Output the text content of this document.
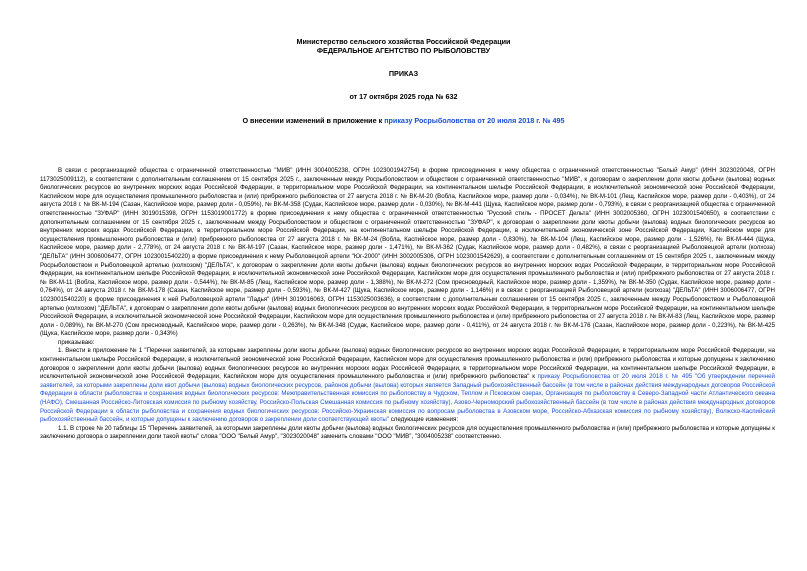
Министерство сельского хозяйства Российской Федерации
ФЕДЕРАЛЬНОЕ АГЕНТСТВО ПО РЫБОЛОВСТВУ
ПРИКАЗ
от 17 октября 2025 года № 632
О внесении изменений в приложение к приказу Росрыболовства от 20 июля 2018 г. № 495

В связи с реорганизацией общества с ограниченной ответственностью "МИВ" (ИНН 3004005238, ОГРН 1023001942754) в форме присоединения к нему общества с ограниченной ответственностью "Белый Амур" (ИНН 3023020048, ОГРН 1173025009112), в соответствии с дополнительным соглашением от 15 сентября 2025 г., заключенным между Росрыболовством и обществом с ограниченной ответственностью "МИВ", к договорам о закреплении доли квоты добычи (вылова) водных биологических ресурсов во внутренних морских водах Российской Федерации, в территориальном море Российской Федерации, на континентальном шельфе Российской Федерации, в исключительной экономической зоне Российской Федерации, Каспийском море для осуществления промышленного рыболовства и (или) прибрежного рыболовства от 27 августа 2018 г. № ВК-М-20 (Вобла, Каспийское море, размер доли - 0,034%), № ВК-М-101 (Лещ, Каспийское море, размер доли - 0,403%), от 24 августа 2018 г. № ВК-М-194 (Сазан, Каспийское море, размер доли - 0,059%), № ВК-М-358 (Судак, Каспийское море, размер доли - 0,030%), № ВК-М-441 (Щука, Каспийское море, размер доли - 0,793%), в связи с реорганизацией общества с ограниченной ответственностью "ЗУФАР" (ИНН 3019015398, ОГРН 1153019001772) в форме присоединения к нему общества с ограниченной ответственностью "Русский стиль - ПРОСЕТ Дельта" (ИНН 3002005360, ОГРН 1023001540650), в соответствии с дополнительным соглашением от 15 сентября 2025 г., заключенным между Росрыболовством и обществом с ограниченной ответственностью "ЗУФАР", к договорам о закреплении доли квоты добычи (вылова) водных биологических ресурсов во внутренних морских водах Российской Федерации, в территориальном море Российской Федерации, на континентальном шельфе Российской Федерации, в исключительной экономической зоне Российской Федерации, Каспийском море для осуществления промышленного рыболовства и (или) прибрежного рыболовства от 27 августа 2018 г. № ВК-М-24 (Вобла, Каспийское море, размер доли - 0,830%), № ВК-М-104 (Лещ, Каспийское море, размер доли - 1,526%), № ВК-М-444 (Щука, Каспийское море, размер доли - 2,778%), от 24 августа 2018 г. № ВК-М-197 (Сазан, Каспийское море, размер доли - 1,471%), № ВК-М-362 (Судак, Каспийское море, размер доли - 0,482%), в связи с реорганизацией Рыболовецкой артели (колхоза) "ДЕЛЬТА" (ИНН 3006006477, ОГРН 1023001540220) в форме присоединения к нему Рыболовецкой артели "Юг-2000" (ИНН 3002005306, ОГРН 1023001542629), в соответствии с дополнительным соглашением от 15 сентября 2025 г., заключенным между Росрыболовством и Рыболовецкой артелью (колхозом) "ДЕЛЬТА", к договорам о закреплении доли квоты добычи (вылова) водных биологических ресурсов во внутренних морских водах Российской Федерации, в территориальном море Российской Федерации, на континентальном шельфе Российской Федерации, в исключительной экономической зоне Российской Федерации, Каспийском море для осуществления промышленного рыболовства и (или) прибрежного рыболовства от 27 августа 2018 г. № ВК-М-11 (Вобла, Каспийское море, размер доли - 0,544%), № ВК-М-85 (Лещ, Каспийское море, размер доли - 1,388%), № ВК-М-272 (Сом пресноводный, Каспийское море, размер доли - 1,359%), № ВК-М-350 (Судак, Каспийское море, размер доли - 0,764%), от 24 августа 2018 г. № ВК-М-178 (Сазан, Каспийское море, размер доли - 0,593%), № ВК-М-427 (Щука, Каспийское море, размер доли - 1,146%) и в связи с реорганизацией Рыболовецкой артели (колхоза) "ДЕЛЬТА" (ИНН 3006006477, ОГРН 1023001540220) в форме присоединения к ней Рыболовецкой артели "Ладья" (ИНН 3019016063, ОГРН 1153025003636), в соответствии с дополнительным соглашением от 15 сентября 2025 г., заключенным между Росрыболовством и Рыболовецкой артелью (колхозом) "ДЕЛЬТА", к договорам о закреплении доли квоты добычи (вылова) водных биологических ресурсов во внутренних морских водах Российской Федерации, в территориальном море Российской Федерации, на континентальном шельфе Российской Федерации, в исключительной экономической зоне Российской Федерации, Каспийском море для осуществления промышленного рыболовства и (или) прибрежного рыболовства от 27 августа 2018 г. № ВК-М-83 (Лещ, Каспийское море, размер доли - 0,089%), № ВК-М-270 (Сом пресноводный, Каспийское море, размер доли - 0,263%), № ВК-М-348 (Судак, Каспийское море, размер доли - 0,411%), от 24 августа 2018 г. № ВК-М-176 (Сазан, Каспийское море, размер доли - 0,223%), № ВК-М-425 (Щука, Каспийское море, размер доли - 0,343%)

приказываю:

1. Внести в приложение № 1 "Перечни заявителей, за которыми закреплены доли квоты добычи (вылова) водных биологических ресурсов во внутренних морских водах Российской Федерации, в территориальном море Российской Федерации, на континентальном шельфе Российской Федерации, в исключительной экономической зоне Российской Федерации, Каспийском море для осуществления промышленного рыболовства и (или) прибрежного рыболовства и которые допущены к заключению договоров о закреплении доли квоты добычи (вылова) водных биологических ресурсов во внутренних морских водах Российской Федерации, в территориальном море Российской Федерации, на континентальном шельфе Российской Федерации, в исключительной экономической зоне Российской Федерации, Каспийском море для осуществления промышленного рыболовства и (или) прибрежного рыболовства" к приказу Росрыболовства от 20 июля 2018 г. № 495 "Об утверждении перечней заявителей, за которыми закреплены доли квот добычи (вылова) водных биологических ресурсов, районов добычи (вылова) которых является Западный рыбохозяйственный бассейн (в том числе в районах действия международных договоров Российской Федерации в области рыболовства и сохранения водных биологических ресурсов: Межправительственная комиссия по рыболовству в Чудском, Теплом и Псковском озерах, Организация по рыболовству в Северо-Западной части Атлантического океана (НАФО), Смешанная Российско-Литовская комиссия по рыбному хозяйству, Российско-Польская Смешанная комиссия по рыбному хозяйству), Азово-Черноморский рыбохозяйственный бассейн (в том числе в районах действия международных договоров Российской Федерации в области рыболовства и сохранения водных биологических ресурсов: Российско-Украинская комиссия по вопросам рыболовства в Азовском море, Российско-Абхазская комиссия по рыбному хозяйству), Волжско-Каспийский рыбохозяйственный бассейн, и которые допущены к заключению договоров о закреплении доли соответствующей квоты" следующие изменения:

1.1. В строке № 20 таблицы 15 "Перечень заявителей, за которыми закреплены доли квоты добычи (вылова) водных биологических ресурсов для осуществления промышленного рыболовства и (или) прибрежного рыболовства и которые допущены к заключению договора о закреплении доли такой квоты" слова "ООО "Белый Амур", "3023020048" заменить словами "ООО "МИВ", "3004005238" соответственно.
